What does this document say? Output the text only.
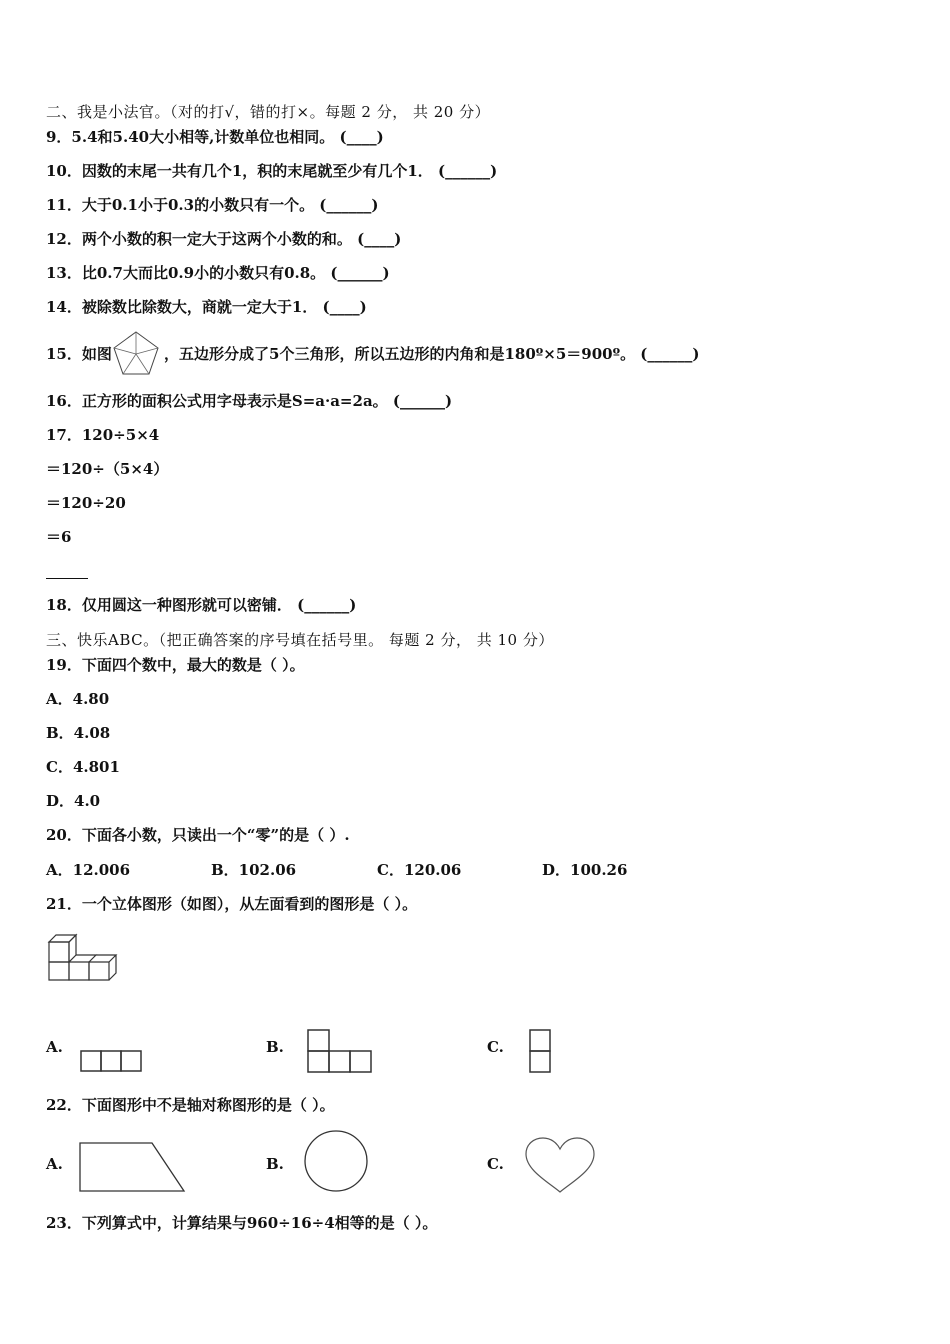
二、我是小法官。（对的打√，错的打×。每题 2 分， 共 20 分）
9．5.4和5.40大小相等,计数单位也相同。 (____)
10．因数的末尾一共有几个1，积的末尾就至少有几个1． (______)
11．大于0.1小于0.3的小数只有一个。 (______)
12．两个小数的积一定大于这两个小数的和。 (____)
13．比0.7大而比0.9小的小数只有0.8。 (______)
14．被除数比除数大，商就一定大于1． (____)
15．如图	，五边形分成了5个三角形，所以五边形的内角和是180º×5＝900º。 (______)
16．正方形的面积公式用字母表示是S=a·a=2a。 (______)
17．120÷5×4
＝120÷（5×4）
＝120÷20
＝6
18．仅用圆这一种图形就可以密铺． (______)
三、快乐ABC。（把正确答案的序号填在括号里。 每题 2 分， 共 10 分）
19．下面四个数中，最大的数是（ ）。
A．4.80
B．4.08
C．4.801
D．4.0
20．下面各小数，只读出一个“零”的是（ ）.
A．12.006	B．102.06	C．120.06	D．100.26
21．一个立体图形（如图），从左面看到的图形是（ ）。
A.	B.	C.
22．下面图形中不是轴对称图形的是（ ）。
A.	B.	C.
23．下列算式中，计算结果与960÷16÷4相等的是（ ）。
